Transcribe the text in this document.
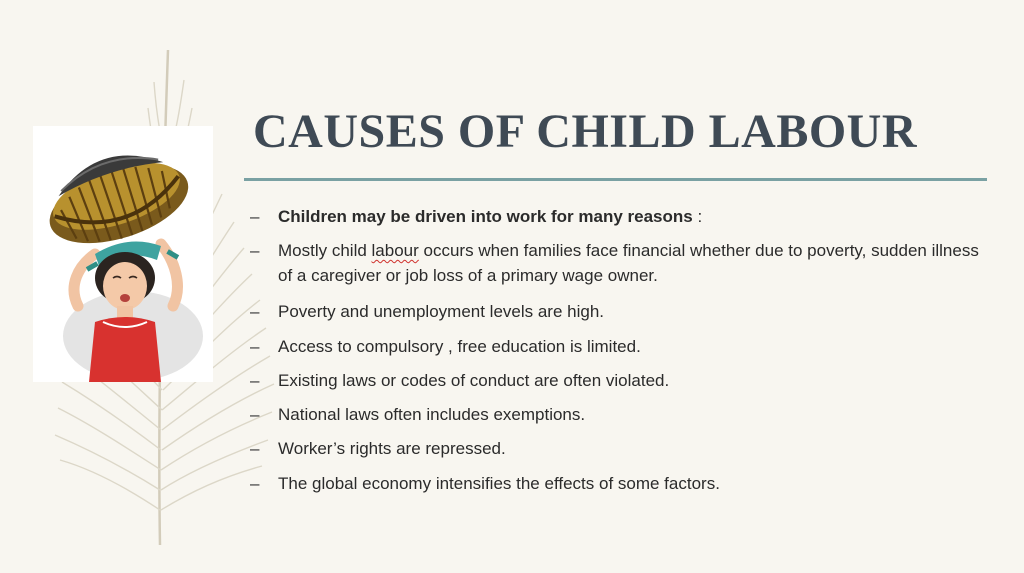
CAUSES OF CHILD LABOUR
–	Children may be driven into work for many reasons :
–	Mostly child labour occurs when families face financial whether due to poverty, sudden illness of a caregiver or job loss of a primary wage owner.
–	Poverty and unemployment levels are high.
–	Access to compulsory , free education is limited.
–	Existing laws or codes of conduct are often violated.
–	National laws often includes exemptions.
–	Worker’s rights are repressed.
–	The global economy intensifies the effects of some factors.
